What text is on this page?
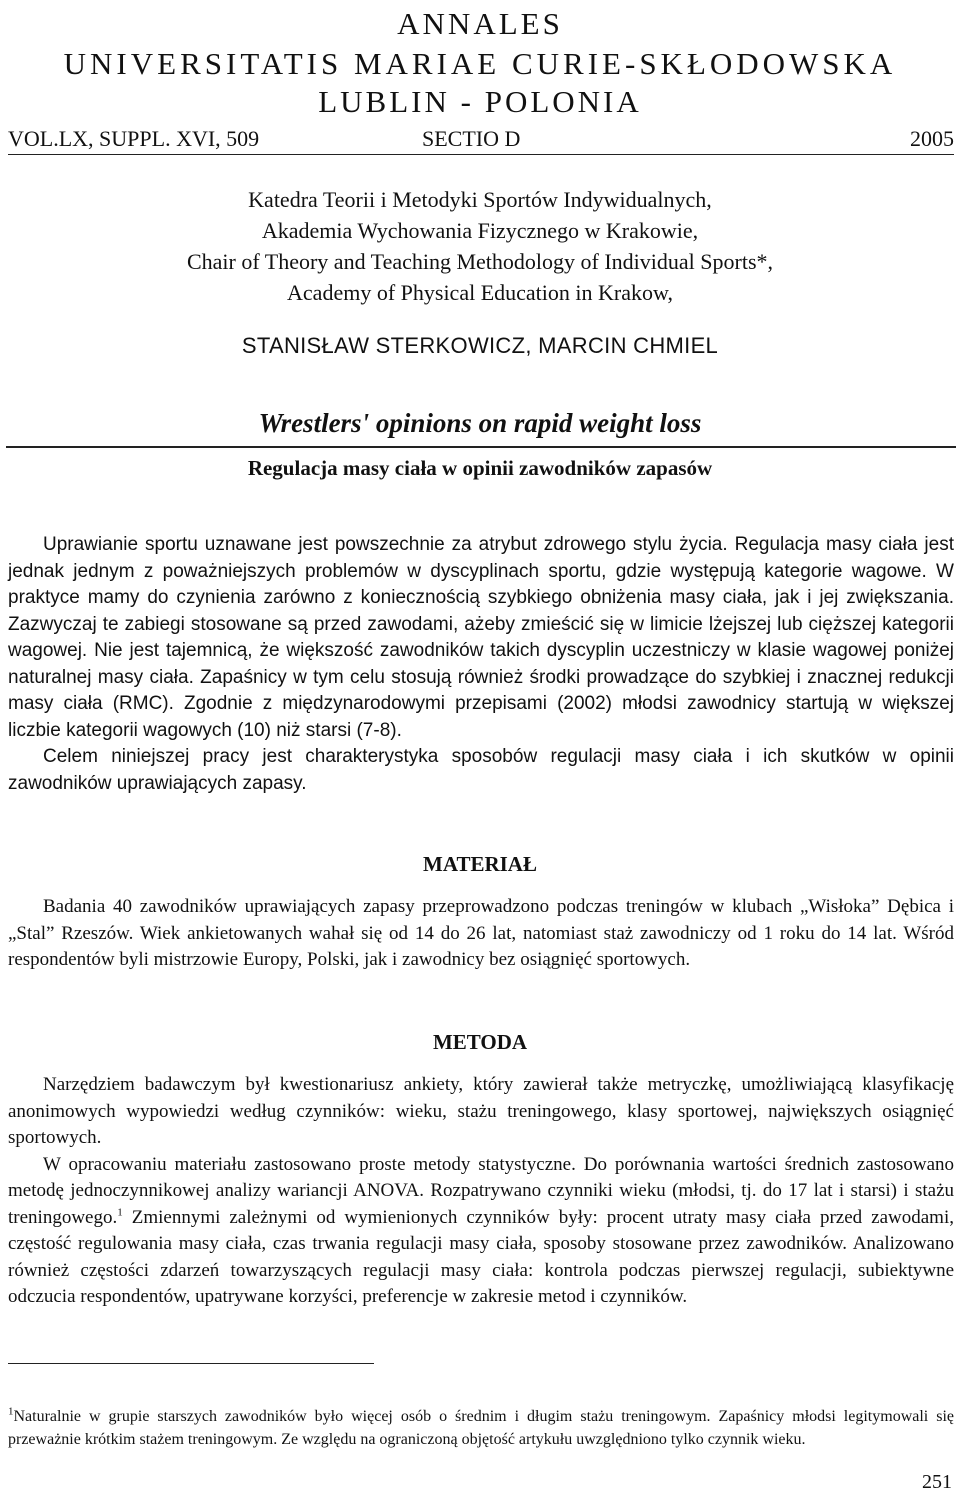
ANNALES
UNIVERSITATIS MARIAE CURIE-SKŁODOWSKA
LUBLIN - POLONIA
VOL.LX, SUPPL. XVI, 509	SECTIO D	2005
Katedra Teorii i Metodyki Sportów Indywidualnych,
Akademia Wychowania Fizycznego w Krakowie,
Chair of Theory and Teaching Methodology of Individual Sports*,
Academy of Physical Education in Krakow,
STANISŁAW STERKOWICZ, MARCIN CHMIEL
Wrestlers' opinions on rapid weight loss
Regulacja masy ciała w opinii zawodników zapasów

Uprawianie sportu uznawane jest powszechnie za atrybut zdrowego stylu życia. Regulacja masy ciała jest jednak jednym z poważniejszych problemów w dyscyplinach sportu, gdzie występują kategorie wagowe. W praktyce mamy do czynienia zarówno z koniecznością szybkiego obniżenia masy ciała, jak i jej zwiększania. Zazwyczaj te zabiegi stosowane są przed zawodami, ażeby zmieścić się w limicie lżejszej lub cięższej kategorii wagowej. Nie jest tajemnicą, że większość zawodników takich dyscyplin uczestniczy w klasie wagowej poniżej naturalnej masy ciała. Zapaśnicy w tym celu stosują również środki prowadzące do szybkiej i znacznej redukcji masy ciała (RMC). Zgodnie z międzynarodowymi przepisami (2002) młodsi zawodnicy startują w większej liczbie kategorii wagowych (10) niż starsi (7-8).

Celem niniejszej pracy jest charakterystyka sposobów regulacji masy ciała i ich skutków w opinii zawodników uprawiających zapasy.

MATERIAŁ

Badania 40 zawodników uprawiających zapasy przeprowadzono podczas treningów w klubach „Wisłoka” Dębica i „Stal” Rzeszów. Wiek ankietowanych wahał się od 14 do 26 lat, natomiast staż zawodniczy od 1 roku do 14 lat. Wśród respondentów byli mistrzowie Europy, Polski, jak i zawodnicy bez osiągnięć sportowych.

METODA

Narzędziem badawczym był kwestionariusz ankiety, który zawierał także metryczkę, umożliwiającą klasyfikację anonimowych wypowiedzi według czynników: wieku, stażu treningowego, klasy sportowej, największych osiągnięć sportowych.

W opracowaniu materiału zastosowano proste metody statystyczne. Do porównania wartości średnich zastosowano metodę jednoczynnikowej analizy wariancji ANOVA. Rozpatrywano czynniki wieku (młodsi, tj. do 17 lat i starsi) i stażu treningowego.$^1$ Zmiennymi zależnymi od wymienionych czynników były: procent utraty masy ciała przed zawodami, częstość regulowania masy ciała, czas trwania regulacji masy ciała, sposoby stosowane przez zawodników. Analizowano również częstości zdarzeń towarzyszących regulacji masy ciała: kontrola podczas pierwszej regulacji, subiektywne odczucia respondentów, upatrywane korzyści, preferencje w zakresie metod i czynników.

$^1$Naturalnie w grupie starszych zawodników było więcej osób o średnim i długim stażu treningowym. Zapaśnicy młodsi legitymowali się przeważnie krótkim stażem treningowym. Ze względu na ograniczoną objętość artykułu uwzględniono tylko czynnik wieku.
251
